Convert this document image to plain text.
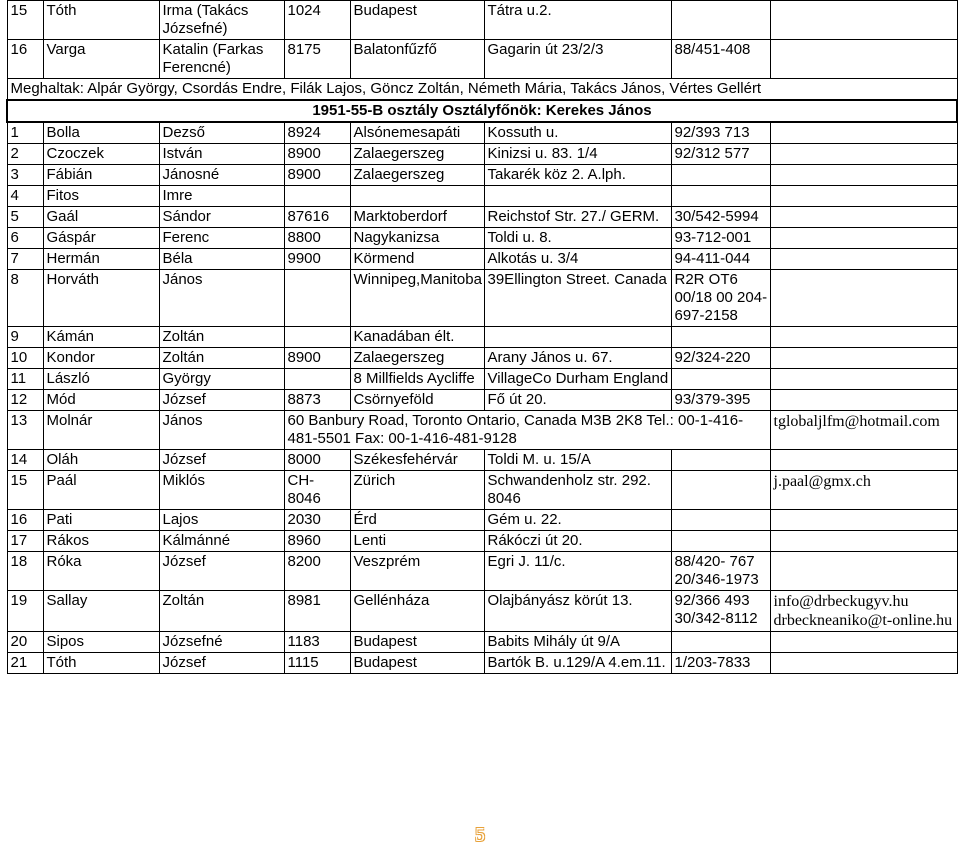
15	Tóth	Irma (Takács Józsefné)	1024	Budapest	Tátra u.2.		
16	Varga	Katalin (Farkas Ferencné)	8175	Balatonfűzfő	Gagarin út 23/2/3	88/451-408	
Meghaltak: Alpár György, Csordás Endre, Filák Lajos, Göncz Zoltán, Németh Mária, Takács János, Vértes Gellért							
1951-55-B osztály Osztályfőnök: Kerekes János							
1	Bolla	Dezső	8924	Alsónemesapáti	Kossuth u.	92/393 713	
2	Czoczek	István	8900	Zalaegerszeg	Kinizsi u. 83. 1/4	92/312 577	
3	Fábián	Jánosné	8900	Zalaegerszeg	Takarék köz 2. A.lph.		
4	Fitos	Imre					
5	Gaál	Sándor	87616	Marktoberdorf	Reichstof Str. 27./ GERM.	30/542-5994	
6	Gáspár	Ferenc	8800	Nagykanizsa	Toldi u. 8.	93-712-001	
7	Hermán	Béla	9900	Körmend	Alkotás u. 3/4	94-411-044	
8	Horváth	János		Winnipeg,Manitoba	39Ellington Street. Canada	R2R OT6 00/18 00 204-697-2158	
9	Kámán	Zoltán		Kanadában élt.			
10	Kondor	Zoltán	8900	Zalaegerszeg	Arany János u. 67.	92/324-220	
11	László	György		8 Millfields Aycliffe	VillageCo Durham England		
12	Mód	József	8873	Csörnyeföld	Fő út 20.	93/379-395	
13	Molnár	János	60 Banbury Road, Toronto Ontario, Canada M3B 2K8 Tel.: 00-1-416-481-5501 Fax: 00-1-416-481-9128				tglobaljlfm@hotmail.com
14	Oláh	József	8000	Székesfehérvár	Toldi M. u. 15/A		
15	Paál	Miklós	CH-8046	Zürich	Schwandenholz str. 292. 8046		j.paal@gmx.ch
16	Pati	Lajos	2030	Érd	Gém u. 22.		
17	Rákos	Kálmánné	8960	Lenti	Rákóczi út 20.		
18	Róka	József	8200	Veszprém	Egri J. 11/c.	88/420- 767 20/346-1973	
19	Sallay	Zoltán	8981	Gellénháza	Olajbányász körút 13.	92/366 493 30/342-8112	info@drbeckugyv.hu drbeckneaniko@t-online.hu
20	Sipos	Józsefné	1183	Budapest	Babits Mihály út 9/A		
21	Tóth	József	1115	Budapest	Bartók B. u.129/A 4.em.11.	1/203-7833	
5
